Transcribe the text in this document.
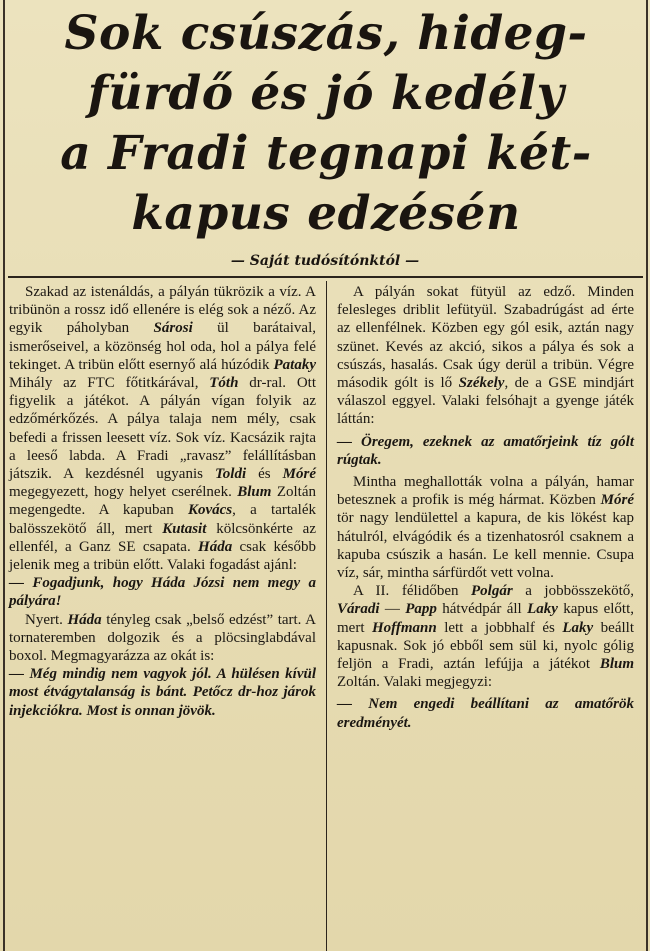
Sok csúszás, hideg-
fürdő és jó kedély
a Fradi tegnapi két-
kapus edzésén
— Saját tudósítónktól —

Szakad az istenáldás, a pályán tükrözik a víz. A tribünön a rossz idő ellenére is elég sok a néző. Az egyik páholyban Sárosi ül barátaival, ismerőseivel, a közönség hol oda, hol a pálya felé tekinget. A tribün előtt esernyő alá húzódik Pataky Mihály az FTC főtitkárával, Tóth dr-ral. Ott figyelik a játékot. A pályán vígan folyik az edzőmérkőzés. A pálya talaja nem mély, csak befedi a frissen leesett víz. Sok víz. Kacsázik rajta a leeső labda. A Fradi „ravasz” felállításban játszik. A kezdésnél ugyanis Toldi és Móré megegyezett, hogy helyet cserélnek. Blum Zoltán megengedte. A kapuban Kovács, a tartalék balösszekötő áll, mert Kutasit kölcsönkérte az ellenfél, a Ganz SE csapata. Háda csak később jelenik meg a tribün előtt. Valaki fogadást ajánl:

— Fogadjunk, hogy Háda Józsi nem megy a pályára!

Nyert. Háda tényleg csak „belső edzést” tart. A tornateremben dolgozik és a plöcsinglabdával boxol. Megmagyarázza az okát is:

— Még mindig nem vagyok jól. A hülésen kívül most étvágytalanság is bánt. Petőcz dr-hoz járok injekciókra. Most is onnan jövök.

A pályán sokat fütyül az edző. Minden felesleges driblit lefütyül. Szabadrúgást ad érte az ellenfélnek. Közben egy gól esik, aztán nagy szünet. Kevés az akció, sikos a pálya és sok a csúszás, hasalás. Csak úgy derül a tribün. Végre második gólt is lő Székely, de a GSE mindjárt válaszol eggyel. Valaki felsóhajt a gyenge játék láttán:

— Öregem, ezeknek az amatőrjeink tíz gólt rúgtak.

Mintha meghallották volna a pályán, hamar betesznek a profik is még hármat. Közben Móré tör nagy lendülettel a kapura, de kis lökést kap hátulról, elvágódik és a tizenhatosról csaknem a kapuba csúszik a hasán. Le kell mennie. Csupa víz, sár, mintha sárfürdőt vett volna.

A II. félidőben Polgár a jobbösszekötő, Váradi — Papp hátvédpár áll Laky kapus előtt, mert Hoffmann lett a jobbhalf és Laky beállt kapusnak. Sok jó ebből sem sül ki, nyolc gólig feljön a Fradi, aztán lefújja a játékot Blum Zoltán. Valaki megjegyzi:

— Nem engedi beállítani az amatőrök eredményét.
